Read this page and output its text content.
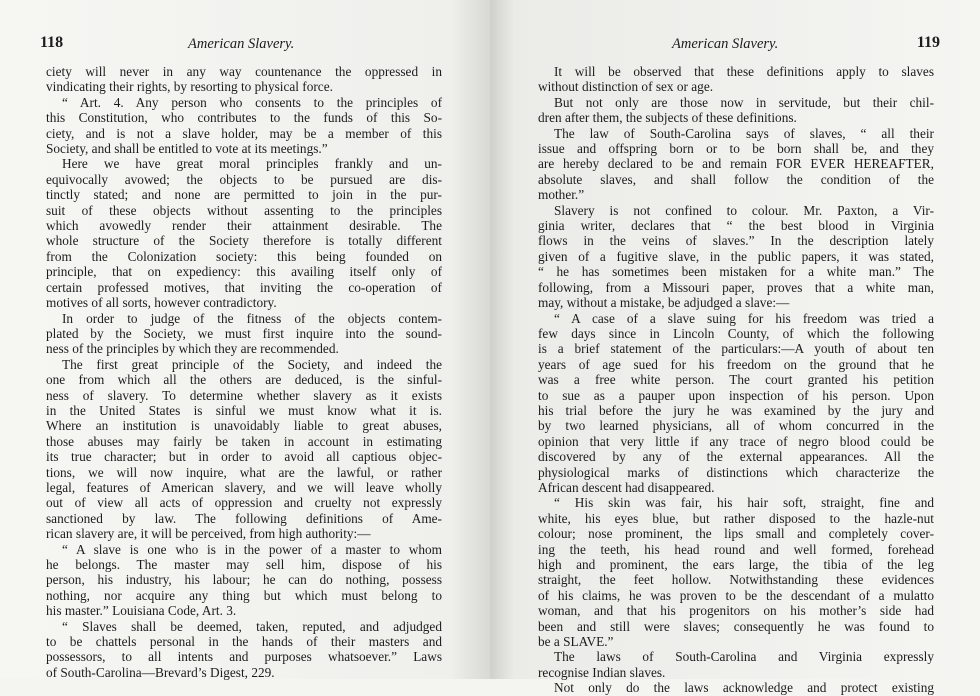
118	American Slavery.
ciety will never in any way countenance the oppressed in
vindicating their rights, by resorting to physical force.
“ Art. 4. Any person who consents to the principles of
this Constitution, who contributes to the funds of this So-
ciety, and is not a slave holder, may be a member of this
Society, and shall be entitled to vote at its meetings.”
Here we have great moral principles frankly and un-
equivocally avowed; the objects to be pursued are dis-
tinctly stated; and none are permitted to join in the pur-
suit of these objects without assenting to the principles
which avowedly render their attainment desirable. The
whole structure of the Society therefore is totally different
from the Colonization society: this being founded on
principle, that on expediency: this availing itself only of
certain professed motives, that inviting the co-operation of
motives of all sorts, however contradictory.
In order to judge of the fitness of the objects contem-
plated by the Society, we must first inquire into the sound-
ness of the principles by which they are recommended.
The first great principle of the Society, and indeed the
one from which all the others are deduced, is the sinful-
ness of slavery. To determine whether slavery as it exists
in the United States is sinful we must know what it is.
Where an institution is unavoidably liable to great abuses,
those abuses may fairly be taken in account in estimating
its true character; but in order to avoid all captious objec-
tions, we will now inquire, what are the lawful, or rather
legal, features of American slavery, and we will leave wholly
out of view all acts of oppression and cruelty not expressly
sanctioned by law. The following definitions of Ame-
rican slavery are, it will be perceived, from high authority:—
“ A slave is one who is in the power of a master to whom
he belongs. The master may sell him, dispose of his
person, his industry, his labour; he can do nothing, possess
nothing, nor acquire any thing but which must belong to
his master.” Louisiana Code, Art. 3.
“ Slaves shall be deemed, taken, reputed, and adjudged
to be chattels personal in the hands of their masters and
possessors, to all intents and purposes whatsoever.” Laws
of South-Carolina—Brevard’s Digest, 229.
American Slavery.	119
It will be observed that these definitions apply to slaves
without distinction of sex or age.
But not only are those now in servitude, but their chil-
dren after them, the subjects of these definitions.
The law of South-Carolina says of slaves, “ all their
issue and offspring born or to be born shall be, and they
are hereby declared to be and remain FOR EVER HEREAFTER,
absolute slaves, and shall follow the condition of the
mother.”
Slavery is not confined to colour. Mr. Paxton, a Vir-
ginia writer, declares that “ the best blood in Virginia
flows in the veins of slaves.” In the description lately
given of a fugitive slave, in the public papers, it was stated,
“ he has sometimes been mistaken for a white man.” The
following, from a Missouri paper, proves that a white man,
may, without a mistake, be adjudged a slave:—
“ A case of a slave suing for his freedom was tried a
few days since in Lincoln County, of which the following
is a brief statement of the particulars:—A youth of about ten
years of age sued for his freedom on the ground that he
was a free white person. The court granted his petition
to sue as a pauper upon inspection of his person. Upon
his trial before the jury he was examined by the jury and
by two learned physicians, all of whom concurred in the
opinion that very little if any trace of negro blood could be
discovered by any of the external appearances. All the
physiological marks of distinctions which characterize the
African descent had disappeared.
“ His skin was fair, his hair soft, straight, fine and
white, his eyes blue, but rather disposed to the hazle-nut
colour; nose prominent, the lips small and completely cover-
ing the teeth, his head round and well formed, forehead
high and prominent, the ears large, the tibia of the leg
straight, the feet hollow. Notwithstanding these evidences
of his claims, he was proven to be the descendant of a mulatto
woman, and that his progenitors on his mother’s side had
been and still were slaves; consequently he was found to
be a SLAVE.”
The laws of South-Carolina and Virginia expressly
recognise Indian slaves.
Not only do the laws acknowledge and protect existing
